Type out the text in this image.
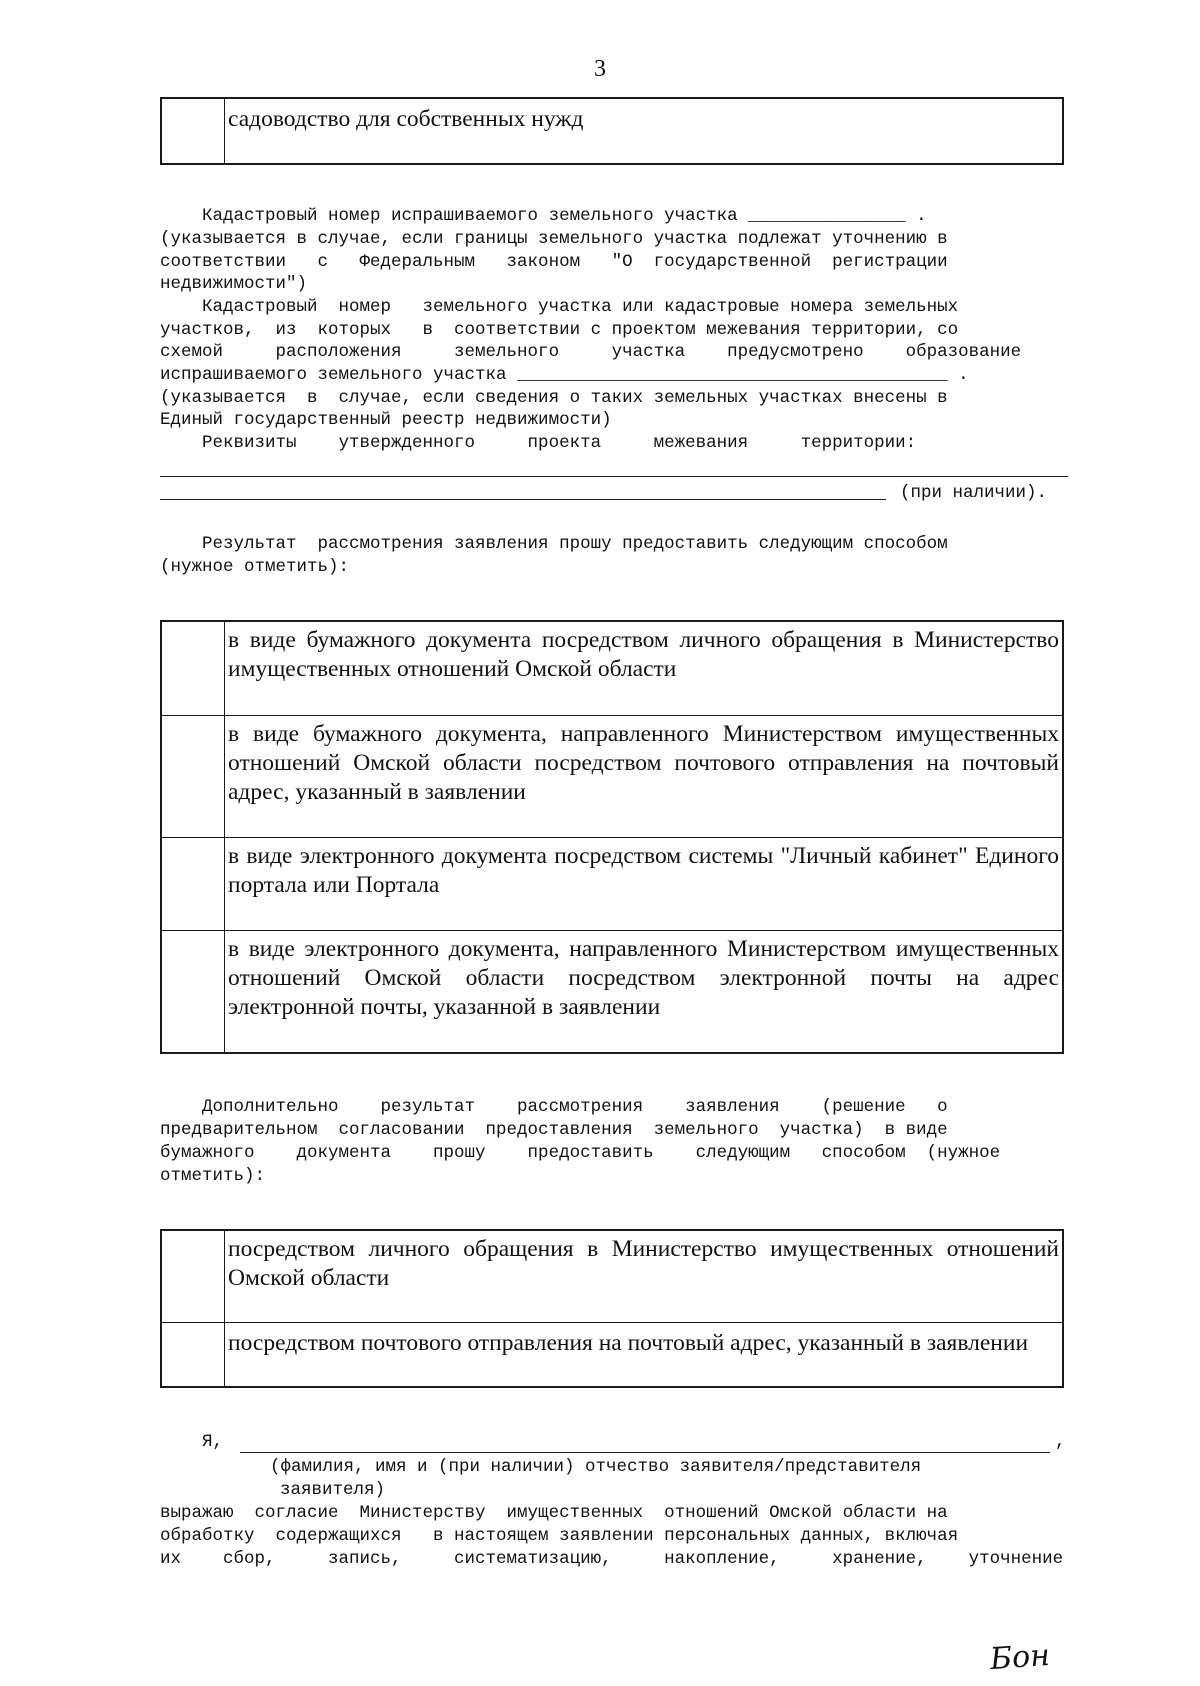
3
садоводство для собственных нужд
Кадастровый номер испрашиваемого земельного участка _______________ .
(указывается в случае, если границы земельного участка подлежат уточнению в
соответствии   с   Федеральным   законом   "О  государственной  регистрации
недвижимости")
Кадастровый  номер   земельного участка или кадастровые номера земельных
участков,  из  которых   в  соответствии с проектом межевания территории, со
схемой     расположения     земельного     участка    предусмотрено    образование
испрашиваемого земельного участка _________________________________________ .
(указывается  в  случае, если сведения о таких земельных участках внесены в
Единый государственный реестр недвижимости)
Реквизиты    утвержденного     проекта     межевания     территории:
(при наличии).
Результат  рассмотрения заявления прошу предоставить следующим способом
(нужное отметить):
в виде бумажного документа посредством личного обращения в Министерство имущественных отношений Омской области
в виде бумажного документа, направленного Министерством имущественных отношений Омской области посредством почтового отправления на почтовый адрес, указанный в заявлении
в виде электронного документа посредством системы "Личный кабинет" Единого портала или Портала
в виде электронного документа, направленного Министерством имущественных отношений Омской области посредством электронной почты на адрес электронной почты, указанной в заявлении
Дополнительно    результат    рассмотрения    заявления    (решение   о
предварительном  согласовании  предоставления  земельного  участка)  в виде
бумажного    документа    прошу    предоставить    следующим   способом  (нужное
отметить):
посредством личного обращения в Министерство имущественных отношений Омской области
посредством почтового отправления на почтовый адрес, указанный в заявлении
Я,	,
(фамилия, имя и (при наличии) отчество заявителя/представителя
заявителя)
выражаю  согласие  Министерству  имущественных  отношений Омской области на
обработку  содержащихся   в настоящем заявлении персональных данных, включая
их    сбор,     запись,     систематизацию,     накопление,     хранение,    уточнение
Бон
